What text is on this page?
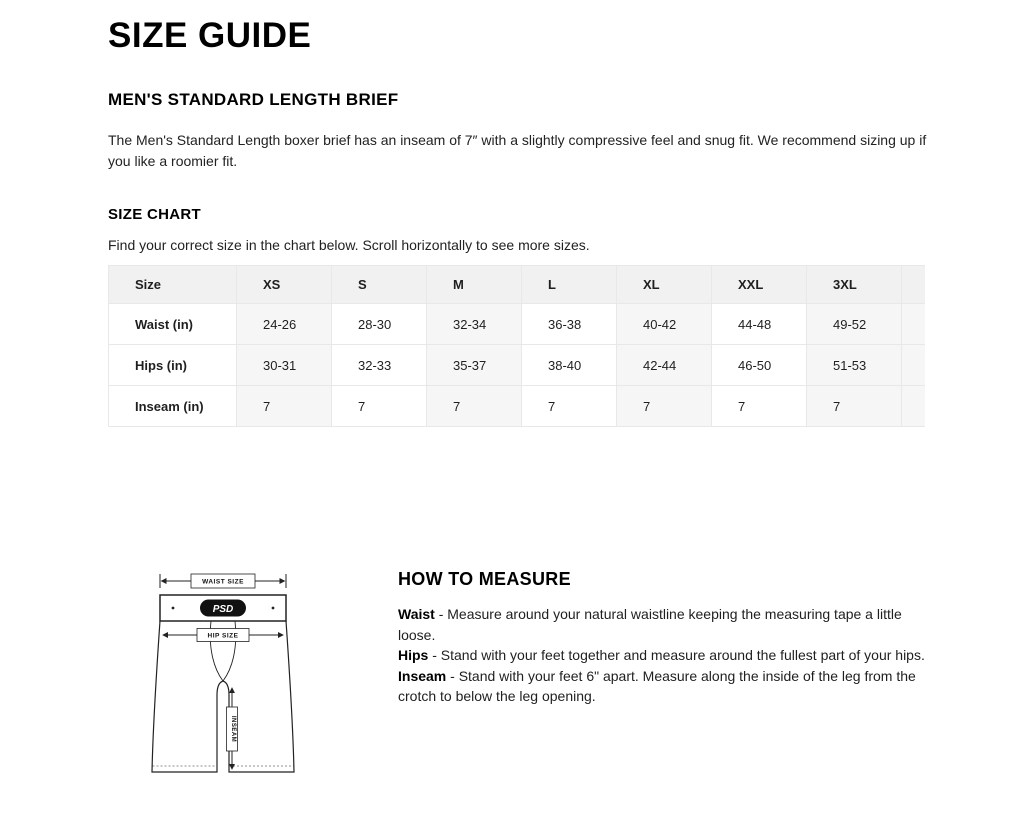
SIZE GUIDE
MEN'S STANDARD LENGTH BRIEF

The Men's Standard Length boxer brief has an inseam of 7″ with a slightly compressive feel and snug fit. We recommend sizing up if you like a roomier fit.

SIZE CHART

Find your correct size in the chart below. Scroll horizontally to see more sizes.

Size	XS	S	M	L	XL	XXL	3XL	
Waist (in)	24-26	28-30	32-34	36-38	40-42	44-48	49-52	
Hips (in)	30-31	32-33	35-37	38-40	42-44	46-50	51-53	
Inseam (in)	7	7	7	7	7	7	7	
WAIST SIZE
PSD
HIP SIZE
INSEAM
HOW TO MEASURE

Waist - Measure around your natural waistline keeping the measuring tape a little loose.

Hips - Stand with your feet together and measure around the fullest part of your hips.

Inseam - Stand with your feet 6" apart. Measure along the inside of the leg from the crotch to below the leg opening.
